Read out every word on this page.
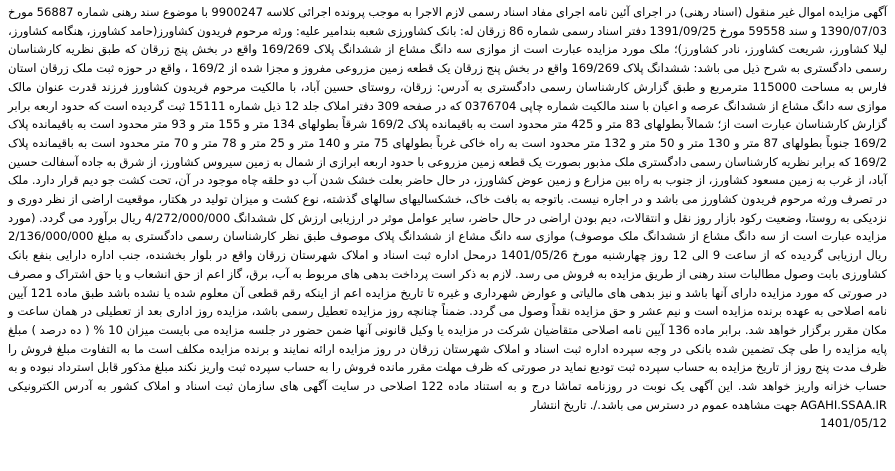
آگهی مزایده اموال غیر منقول (اسناد رهنی) در اجرای آئین نامه اجرای مفاد اسناد رسمی لازم الاجرا به موجب پرونده اجرائی کلاسه 9900247 با موضوع سند رهنی شماره 56887 مورخ 1390/07/03 و سند 59558 مورخ 1391/09/25 دفتر اسناد رسمی شماره 86 زرقان له: بانک کشاورزی شعبه بندامیر علیه: ورثه مرحوم فریدون کشاورز(حامد کشاورز، هنگامه کشاورز، لیلا کشاورز، شریعت کشاورز، نادر کشاورز)؛ ملک مورد مزایده عبارت است از موازی سه دانگ مشاع از ششدانگ پلاک 169/269 واقع در بخش پنج زرقان که طبق نظریه کارشناسان رسمی دادگستری به شرح ذیل می باشد: ششدانگ پلاک 169/269 واقع در بخش پنج زرقان یک قطعه زمین مزروعی مفروز و مجزا شده از 169/2 ، واقع در حوزه ثبت ملک زرقان استان فارس به مساحت 115000 مترمربع و طبق گزارش کارشناسان رسمی دادگستری به آدرس: زرقان، روستای حسین آباد، با مالکیت مرحوم فریدون کشاورز فرزند قدرت عنوان مالک موازی سه دانگ مشاع از ششدانگ عرصه و اعیان با سند مالکیت شماره چاپی 0376704 که در صفحه 309 دفتر املاک جلد 12 ذیل شماره 15111 ثبت گردیده است که حدود اربعه برابر گزارش کارشناسان عبارت است از؛ شمالاً بطولهای 83 متر و 425 متر محدود است به باقیمانده پلاک 169/2 شرقاً بطولهای 134 متر و 155 متر و 93 متر محدود است به باقیمانده پلاک 169/2 جنوباً بطولهای 87 متر و 130 متر و 50 متر و 132 متر محدود است به راه خاکی غرباً بطولهای 75 متر و 140 متر و 25 متر و 78 متر و 70 متر محدود است به باقیمانده پلاک 169/2 که برابر نظریه کارشناسان رسمی دادگستری ملک مذبور بصورت یک قطعه زمین مزروعی با حدود اربعه ابرازی از شمال به زمین سیروس کشاورز، از شرق به جاده آسفالت حسین آباد، از غرب به زمین مسعود کشاورز، از جنوب به راه بین مزارع و زمین عوض کشاورز، در حال حاضر بعلت خشک شدن آب دو حلقه چاه موجود در آن، تحت کشت جو دیم قرار دارد. ملک در تصرف ورثه مرحوم فریدون کشاورز می باشد و در اجاره نیست. باتوجه به بافت خاک، خشکسالیهای سالهای گذشته، نوع کشت و میزان تولید در هکتار، موقعیت اراضی از نظر دوری و نزدیکی به روستا، وضعیت رکود بازار روز نقل و انتقالات، دیم بودن اراضی در حال حاضر، سایر عوامل موثر در ارزیابی ارزش کل ششدانگ 4/272/000/000 ریال برآورد می گردد. (مورد مزایده عبارت است از سه دانگ مشاع از ششدانگ ملک موصوف) موازی سه دانگ مشاع از ششدانگ پلاک موصوف طبق نظر کارشناسان رسمی دادگستری به مبلغ 2/136/000/000 ریال ارزیابی گردیده که از ساعت 9 الی 12 روز چهارشنبه مورخ 1401/05/26 درمحل اداره ثبت اسناد و املاک شهرستان زرقان واقع در بلوار بخشنده، جنب اداره دارایی بنفع بانک کشاورزی بابت وصول مطالبات سند رهنی از طریق مزایده به فروش می رسد. لازم به ذکر است پرداخت بدهی های مربوط به آب، برق، گاز اعم از حق انشعاب و یا حق اشتراک و مصرف در صورتی که مورد مزایده دارای آنها باشد و نیز بدهی های مالیاتی و عوارض شهرداری و غیره تا تاریخ مزایده اعم از اینکه رقم قطعی آن معلوم شده یا نشده باشد طبق ماده 121 آیین نامه اصلاحی به عهده برنده مزایده است و نیم عشر و حق مزایده نقداً وصول می گردد. ضمناً چنانچه روز مزایده تعطیل رسمی باشد، مزایده روز اداری بعد از تعطیلی در همان ساعت و مکان مقرر برگزار خواهد شد. برابر ماده 136 آیین نامه اصلاحی متقاضیان شرکت در مزایده یا وکیل قانونی آنها ضمن حضور در جلسه مزایده می بایست میزان 10 % ( ده درصد ) مبلغ پایه مزایده را طی چک تضمین شده بانکی در وجه سپرده اداره ثبت اسناد و املاک شهرستان زرقان در روز مزایده ارائه نمایند و برنده مزایده مکلف است ما به التفاوت مبلغ فروش را ظرف مدت پنج روز از تاریخ مزایده به حساب سپرده ثبت تودیع نماید در صورتی که ظرف مهلت مقرر مانده فروش را به حساب سپرده ثبت واریز نکند مبلغ مذکور قابل استرداد نبوده و به حساب خزانه واریز خواهد شد. این آگهی یک نوبت در روزنامه تماشا درج و به استناد ماده 122 اصلاحی در سایت آگهی های سازمان ثبت اسناد و املاک کشور به آدرس الکترونیکی AGAHI.SSAA.IR جهت مشاهده عموم در دسترس می باشد./. تاریخ انتشار

1401/05/12
